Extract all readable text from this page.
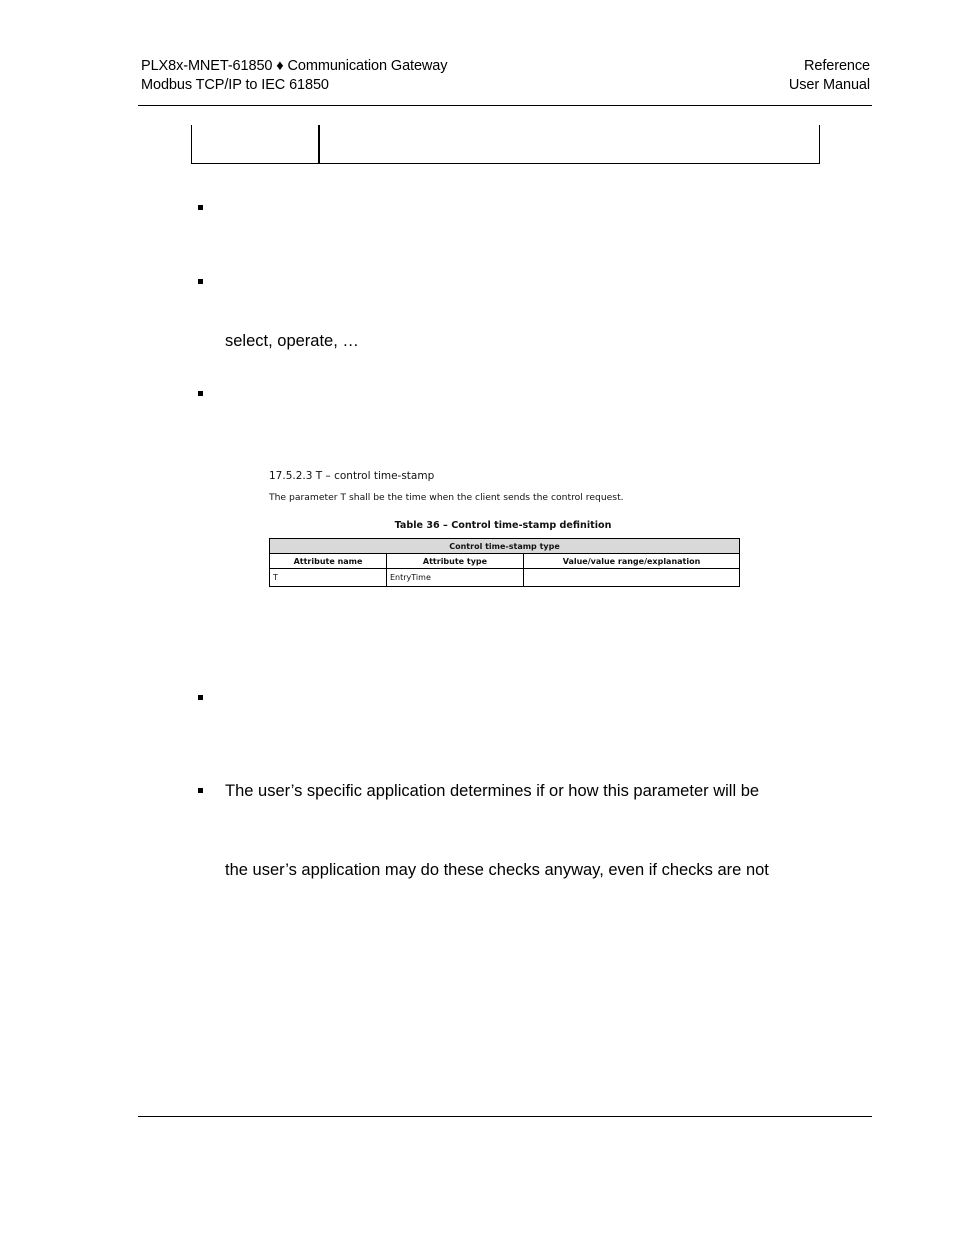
PLX8x-MNET-61850 ♦ Communication Gateway
Modbus TCP/IP to IEC 61850
Reference
User Manual
select, operate, …
17.5.2.3 T – control time-stamp
The parameter T shall be the time when the client sends the control request.
Table 36 – Control time-stamp definition
Control time-stamp type		
Attribute name	Attribute type	Value/value range/explanation
T	EntryTime	
The user’s specific application determines if or how this parameter will be
the user’s application may do these checks anyway, even if checks are not
